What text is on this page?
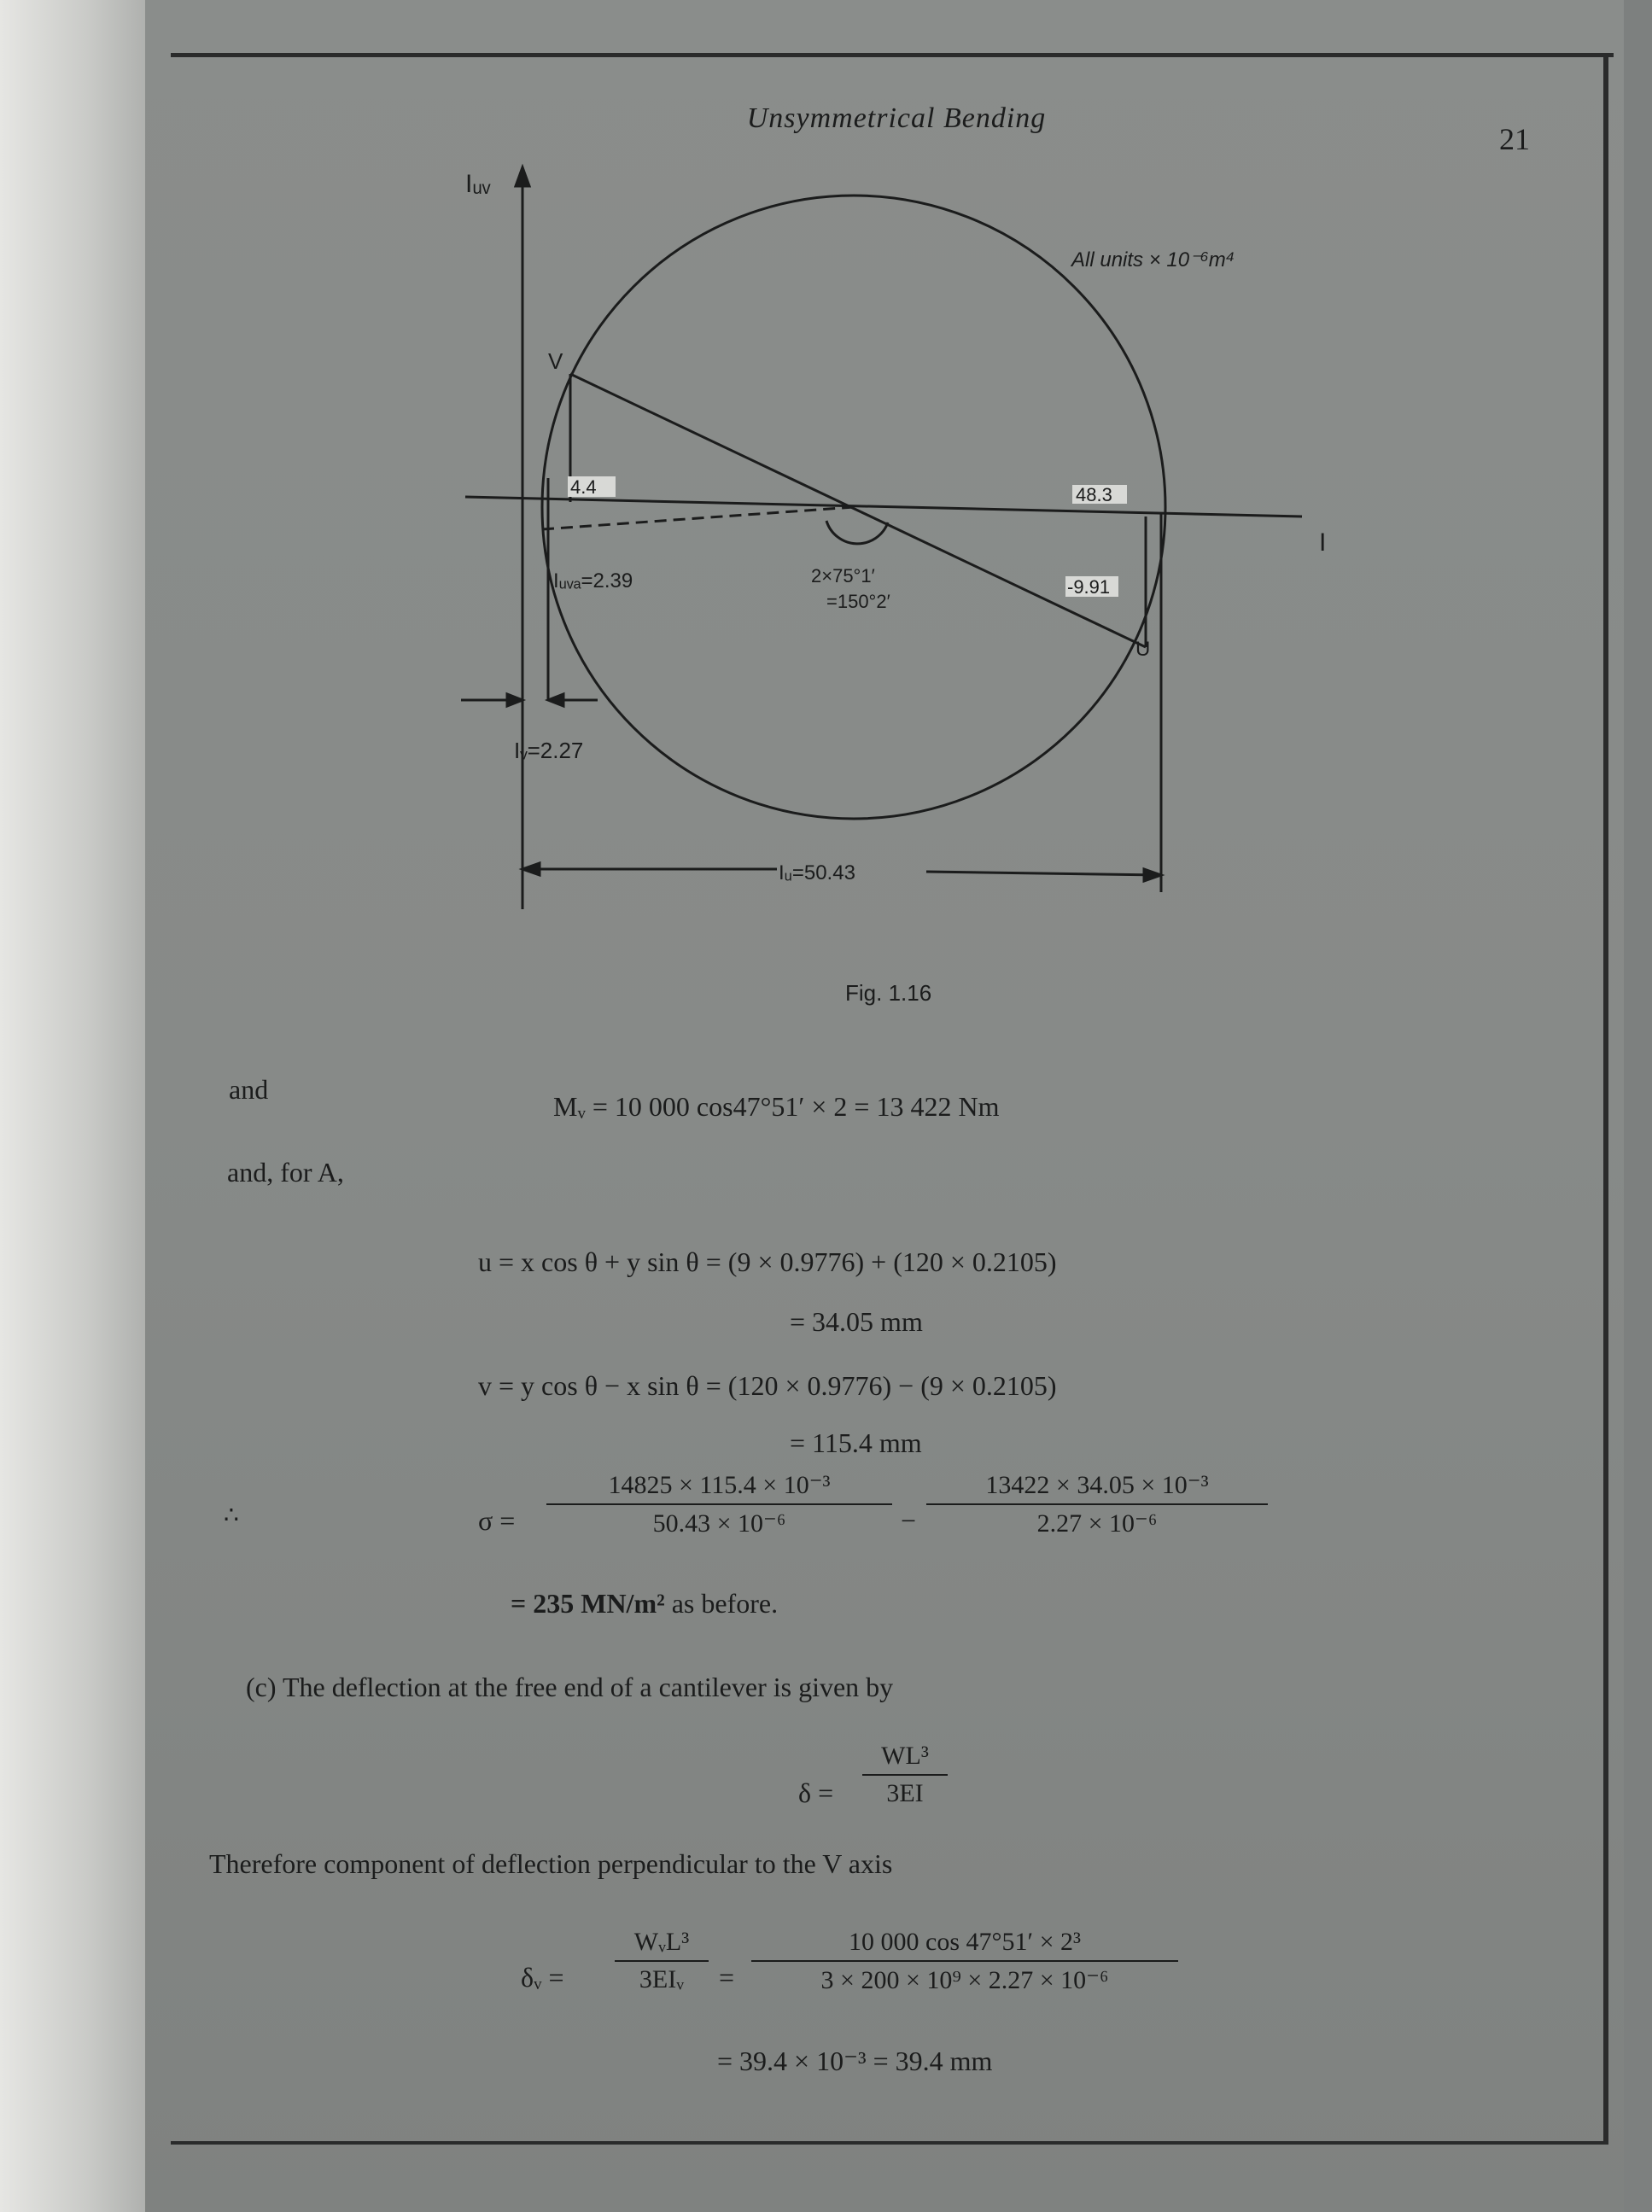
Unsymmetrical Bending
21
Iᵤᵥ
I
All units × 10⁻⁶m⁴
4.4	48.3
-9.91
Iᵤᵥₐ=2.39	2×75°1′
=150°2′
Iᵥ=2.27
Iᵤ=50.43
V
U
Fig. 1.16
and
Mᵥ = 10 000 cos47°51′ × 2 = 13 422 Nm
and, for A,
u = x cos θ + y sin θ = (9 × 0.9776) + (120 × 0.2105)
= 34.05 mm
v = y cos θ − x sin θ = (120 × 0.9776) − (9 × 0.2105)
= 115.4 mm
∴	σ =
14825 × 115.4 × 10⁻³
50.43 × 10⁻⁶	−
13422 × 34.05 × 10⁻³
2.27 × 10⁻⁶
= 235 MN/m² as before.
(c) The deflection at the free end of a cantilever is given by
δ =
WL³
3EI
Therefore component of deflection perpendicular to the V axis
δᵥ =
WᵥL³
3EIᵥ	=
10 000 cos 47°51′ × 2³
3 × 200 × 10⁹ × 2.27 × 10⁻⁶
= 39.4 × 10⁻³ = 39.4 mm
